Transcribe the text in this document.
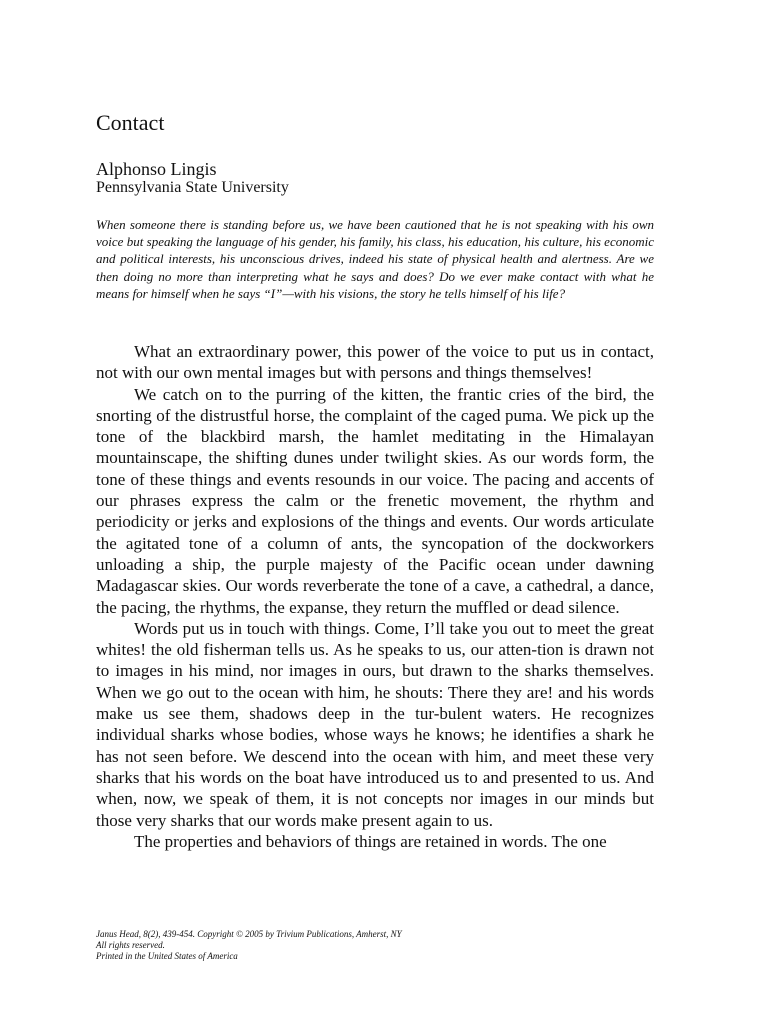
Contact
Alphonso Lingis
Pennsylvania State University

When someone there is standing before us, we have been cautioned that he is not speaking with his own voice but speaking the language of his gender, his family, his class, his education, his culture, his economic and political interests, his unconscious drives, indeed his state of physical health and alertness. Are we then doing no more than interpreting what he says and does? Do we ever make contact with what he means for himself when he says “I”—with his visions, the story he tells himself of his life?

What an extraordinary power, this power of the voice to put us in contact, not with our own mental images but with persons and things themselves!

We catch on to the purring of the kitten, the frantic cries of the bird, the snorting of the distrustful horse, the complaint of the caged puma. We pick up the tone of the blackbird marsh, the hamlet meditating in the Himalayan mountainscape, the shifting dunes under twilight skies. As our words form, the tone of these things and events resounds in our voice. The pacing and accents of our phrases express the calm or the frenetic movement, the rhythm and periodicity or jerks and explosions of the things and events. Our words articulate the agitated tone of a column of ants, the syncopation of the dockworkers unloading a ship, the purple majesty of the Pacific ocean under dawning Madagascar skies. Our words reverberate the tone of a cave, a cathedral, a dance, the pacing, the rhythms, the expanse, they return the muffled or dead silence.

Words put us in touch with things. Come, I’ll take you out to meet the great whites! the old fisherman tells us. As he speaks to us, our atten-tion is drawn not to images in his mind, nor images in ours, but drawn to the sharks themselves. When we go out to the ocean with him, he shouts: There they are! and his words make us see them, shadows deep in the tur-bulent waters. He recognizes individual sharks whose bodies, whose ways he knows; he identifies a shark he has not seen before. We descend into the ocean with him, and meet these very sharks that his words on the boat have introduced us to and presented to us. And when, now, we speak of them, it is not concepts nor images in our minds but those very sharks that our words make present again to us.

The properties and behaviors of things are retained in words. The one

Janus Head, 8(2), 439-454. Copyright © 2005 by Trivium Publications, Amherst, NY
All rights reserved.
Printed in the United States of America
